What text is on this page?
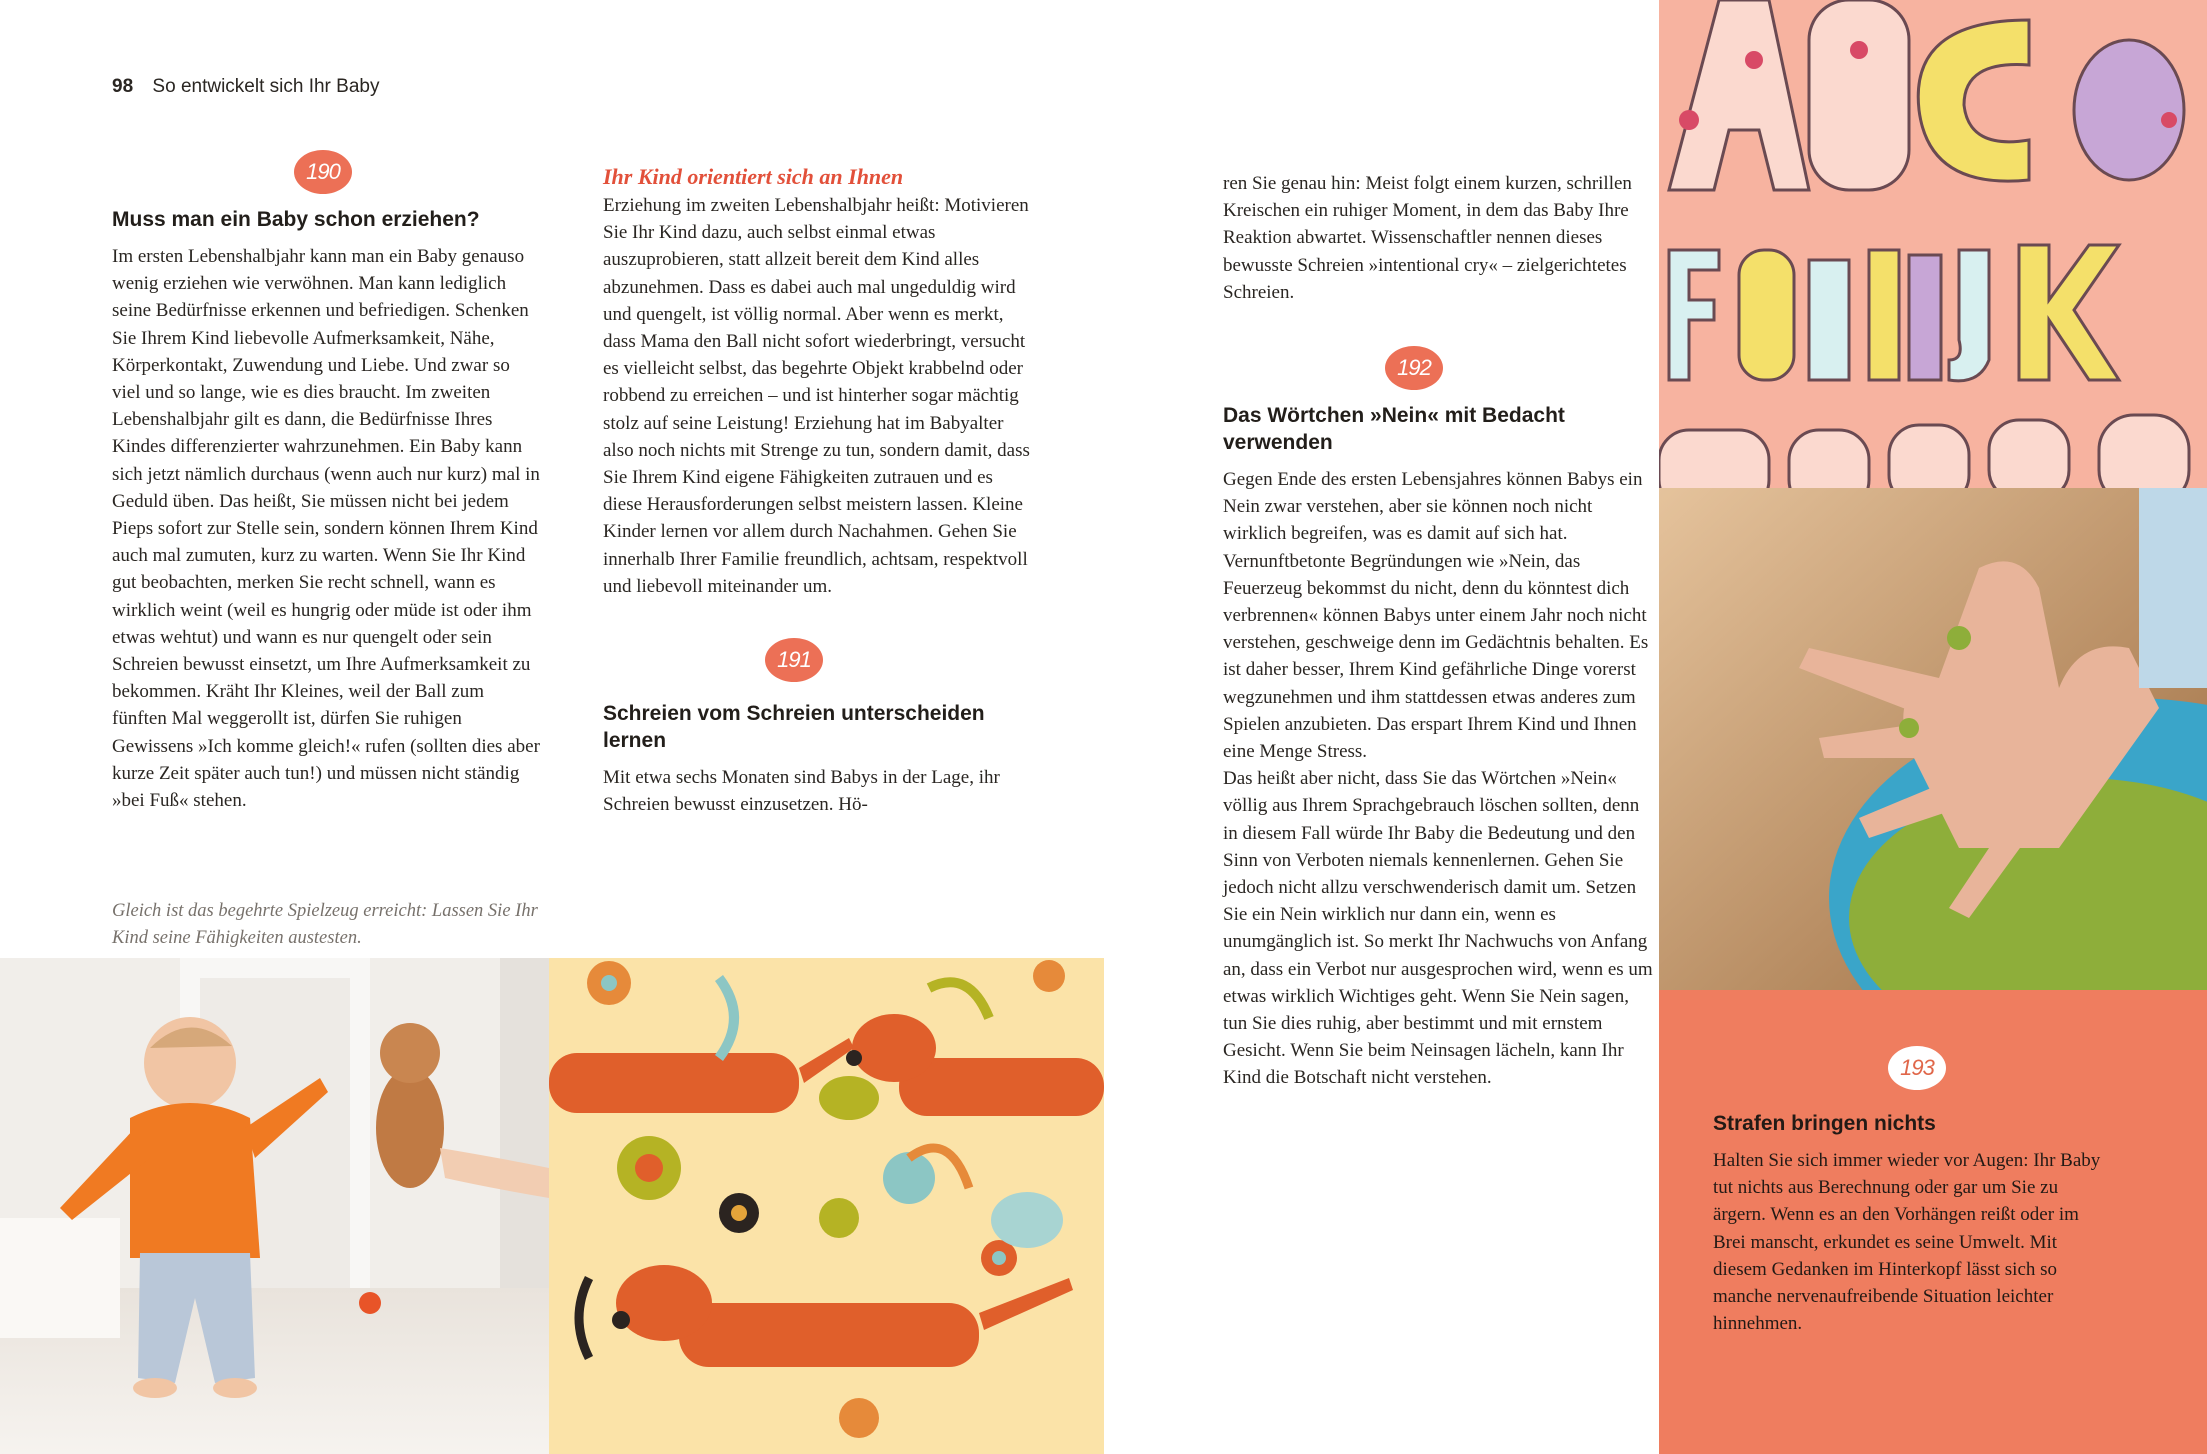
98 So entwickelt sich Ihr Baby
190
Muss man ein Baby schon erziehen?

Im ersten Lebenshalbjahr kann man ein Baby genauso wenig erziehen wie verwöhnen. Man kann lediglich seine Bedürfnisse erkennen und befriedigen. Schenken Sie Ihrem Kind liebevolle Aufmerksamkeit, Nähe, Körperkontakt, Zuwendung und Liebe. Und zwar so viel und so lange, wie es dies braucht. Im zweiten Lebenshalbjahr gilt es dann, die Bedürfnisse Ihres Kindes differenzierter wahrzunehmen. Ein Baby kann sich jetzt nämlich durchaus (wenn auch nur kurz) mal in Geduld üben. Das heißt, Sie müssen nicht bei jedem Pieps sofort zur Stelle sein, sondern können Ihrem Kind auch mal zumuten, kurz zu warten. Wenn Sie Ihr Kind gut beobachten, merken Sie recht schnell, wann es wirklich weint (weil es hungrig oder müde ist oder ihm etwas wehtut) und wann es nur quengelt oder sein Schreien bewusst einsetzt, um Ihre Aufmerksamkeit zu bekommen. Kräht Ihr Kleines, weil der Ball zum fünften Mal weggerollt ist, dürfen Sie ruhigen Gewissens »Ich komme gleich!« rufen (sollten dies aber kurze Zeit später auch tun!) und müssen nicht ständig »bei Fuß« stehen.

Gleich ist das begehrte Spielzeug erreicht: Lassen Sie Ihr Kind seine Fähigkeiten austesten.

Ihr Kind orientiert sich an Ihnen

Erziehung im zweiten Lebenshalbjahr heißt: Motivieren Sie Ihr Kind dazu, auch selbst einmal etwas auszuprobieren, statt allzeit bereit dem Kind alles abzunehmen. Dass es dabei auch mal ungeduldig wird und quengelt, ist völlig normal. Aber wenn es merkt, dass Mama den Ball nicht sofort wiederbringt, versucht es vielleicht selbst, das begehrte Objekt krabbelnd oder robbend zu erreichen – und ist hinterher sogar mächtig stolz auf seine Leistung! Erziehung hat im Babyalter also noch nichts mit Strenge zu tun, sondern damit, dass Sie Ihrem Kind eigene Fähigkeiten zutrauen und es diese Herausforderungen selbst meistern lassen. Kleine Kinder lernen vor allem durch Nachahmen. Gehen Sie innerhalb Ihrer Familie freundlich, achtsam, respektvoll und liebevoll miteinander um.

191
Schreien vom Schreien unterscheiden lernen

Mit etwa sechs Monaten sind Babys in der Lage, ihr Schreien bewusst einzusetzen. Hö-

ren Sie genau hin: Meist folgt einem kurzen, schrillen Kreischen ein ruhiger Moment, in dem das Baby Ihre Reaktion abwartet. Wissenschaftler nennen dieses bewusste Schreien »intentional cry« – zielgerichtetes Schreien.

192
Das Wörtchen »Nein« mit Bedacht verwenden

Gegen Ende des ersten Lebensjahres können Babys ein Nein zwar verstehen, aber sie können noch nicht wirklich begreifen, was es damit auf sich hat. Vernunftbetonte Begründungen wie »Nein, das Feuerzeug bekommst du nicht, denn du könntest dich verbrennen« können Babys unter einem Jahr noch nicht verstehen, geschweige denn im Gedächtnis behalten. Es ist daher besser, Ihrem Kind gefährliche Dinge vorerst wegzunehmen und ihm stattdessen etwas anderes zum Spielen anzubieten. Das erspart Ihrem Kind und Ihnen eine Menge Stress.

Das heißt aber nicht, dass Sie das Wörtchen »Nein« völlig aus Ihrem Sprachgebrauch löschen sollten, denn in diesem Fall würde Ihr Baby die Bedeutung und den Sinn von Verboten niemals kennenlernen. Gehen Sie jedoch nicht allzu verschwenderisch damit um. Setzen Sie ein Nein wirklich nur dann ein, wenn es unumgänglich ist. So merkt Ihr Nachwuchs von Anfang an, dass ein Verbot nur ausgesprochen wird, wenn es um etwas wirklich Wichtiges geht. Wenn Sie Nein sagen, tun Sie dies ruhig, aber bestimmt und mit ernstem Gesicht. Wenn Sie beim Neinsagen lächeln, kann Ihr Kind die Botschaft nicht verstehen.	193
Strafen bringen nichts

Halten Sie sich immer wieder vor Augen: Ihr Baby tut nichts aus Berechnung oder gar um Sie zu ärgern. Wenn es an den Vorhängen reißt oder im Brei manscht, erkundet es seine Umwelt. Mit diesem Gedanken im Hinterkopf lässt sich so manche nervenaufreibende Situation leichter hinnehmen.
